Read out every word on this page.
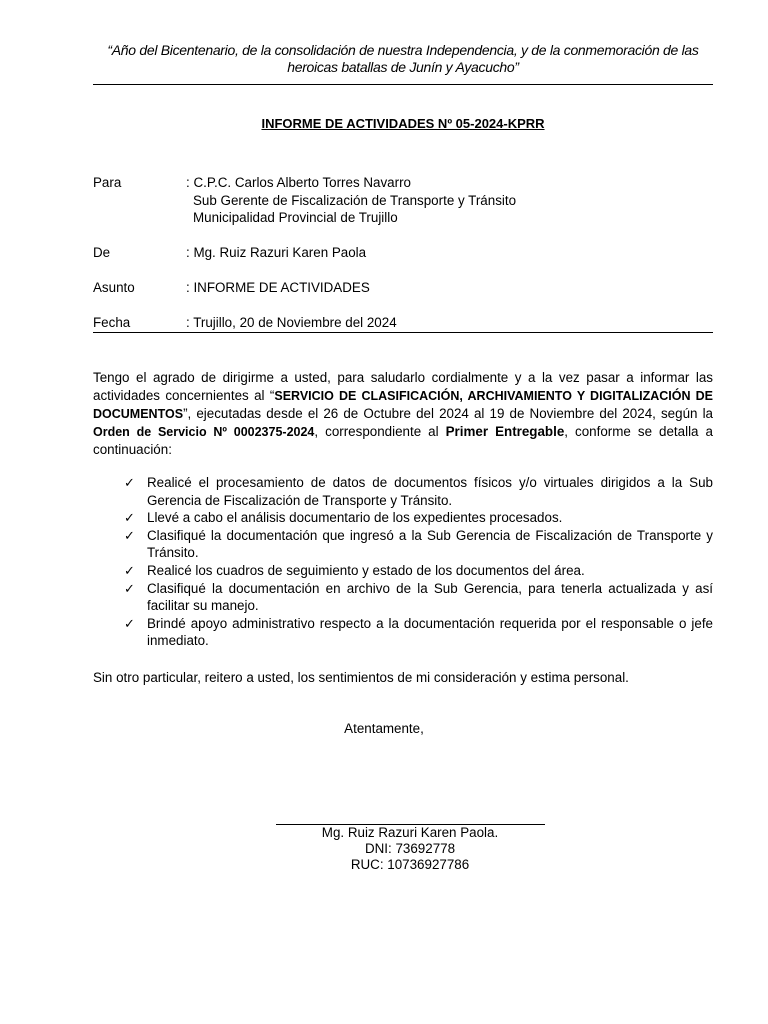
“Año del Bicentenario, de la consolidación de nuestra Independencia, y de la conmemoración de las
heroicas batallas de Junín y Ayacucho”
INFORME DE ACTIVIDADES Nº 05-2024-KPRR
Para	: C.P.C. Carlos Alberto Torres Navarro
Sub Gerente de Fiscalización de Transporte y Tránsito
Municipalidad Provincial de Trujillo
De	: Mg. Ruiz Razuri Karen Paola
Asunto	: INFORME DE ACTIVIDADES
Fecha	: Trujillo, 20 de Noviembre del 2024
Tengo el agrado de dirigirme a usted, para saludarlo cordialmente y a la vez pasar a informar las actividades concernientes al “SERVICIO DE CLASIFICACIÓN, ARCHIVAMIENTO Y DIGITALIZACIÓN DE DOCUMENTOS”, ejecutadas desde el 26 de Octubre del 2024 al 19 de Noviembre del 2024, según la Orden de Servicio Nº 0002375-2024, correspondiente al Primer Entregable, conforme se detalla a continuación:
✓ Realicé el procesamiento de datos de documentos físicos y/o virtuales dirigidos a la Sub Gerencia de Fiscalización de Transporte y Tránsito.
✓ Llevé a cabo el análisis documentario de los expedientes procesados.
✓ Clasifiqué la documentación que ingresó a la Sub Gerencia de Fiscalización de Transporte y Tránsito.
✓ Realicé los cuadros de seguimiento y estado de los documentos del área.
✓ Clasifiqué la documentación en archivo de la Sub Gerencia, para tenerla actualizada y así facilitar su manejo.
✓ Brindé apoyo administrativo respecto a la documentación requerida por el responsable o jefe inmediato.
Sin otro particular, reitero a usted, los sentimientos de mi consideración y estima personal.
Atentamente,
Mg. Ruiz Razuri Karen Paola.
DNI: 73692778
RUC: 10736927786
